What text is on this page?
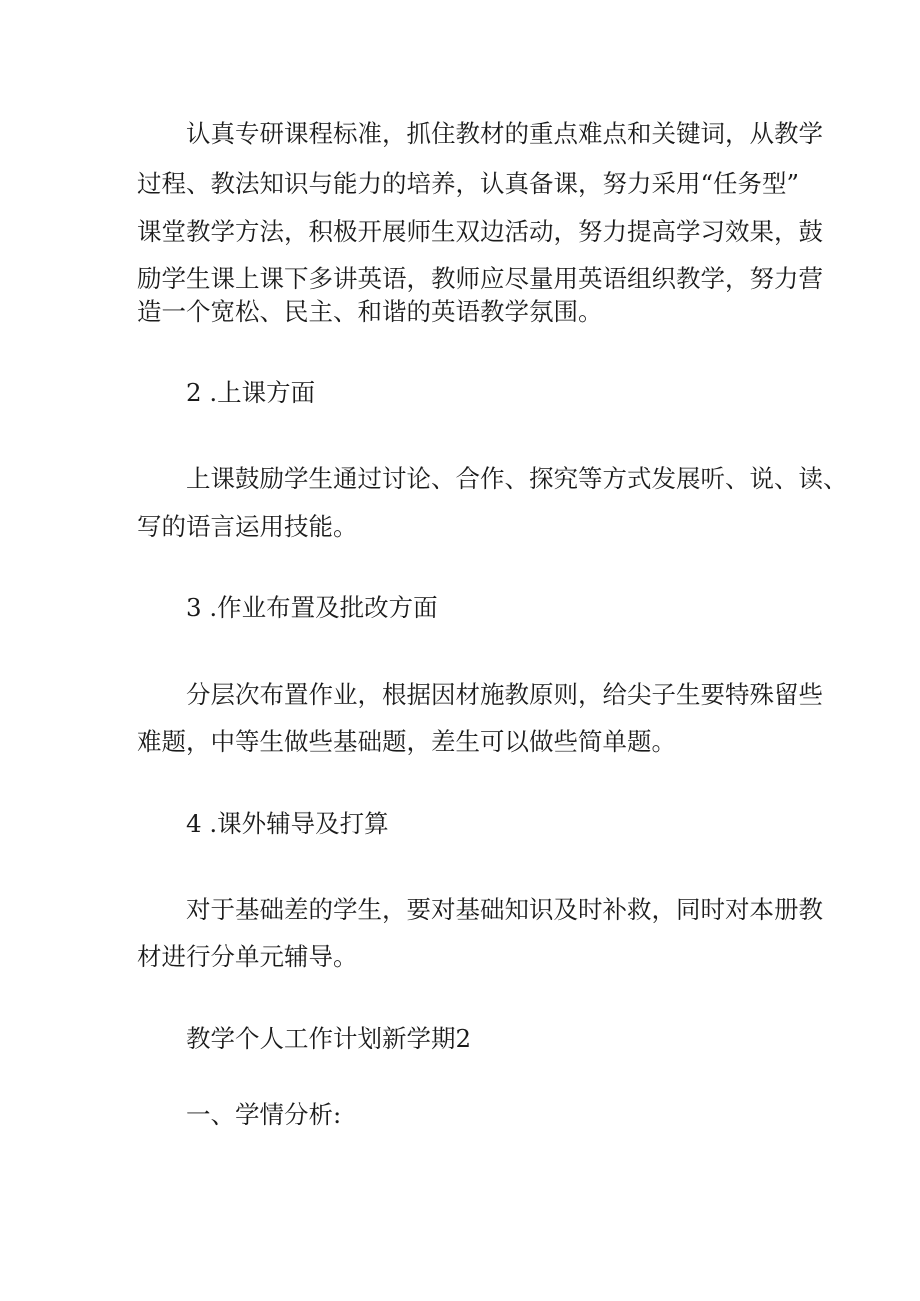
认真专研课程标准，抓住教材的重点难点和关键词，从教学
过程、教法知识与能力的培养，认真备课，努力采用“任务型”
课堂教学方法，积极开展师生双边活动，努力提高学习效果，鼓
励学生课上课下多讲英语，教师应尽量用英语组织教学，努力营
造一个宽松、民主、和谐的英语教学氛围。
2 .上课方面
上课鼓励学生通过讨论、合作、探究等方式发展听、说、读、
写的语言运用技能。
3 .作业布置及批改方面
分层次布置作业，根据因材施教原则，给尖子生要特殊留些
难题，中等生做些基础题，差生可以做些简单题。
4 .课外辅导及打算
对于基础差的学生，要对基础知识及时补救，同时对本册教
材进行分单元辅导。
教学个人工作计划新学期2
一、学情分析:
